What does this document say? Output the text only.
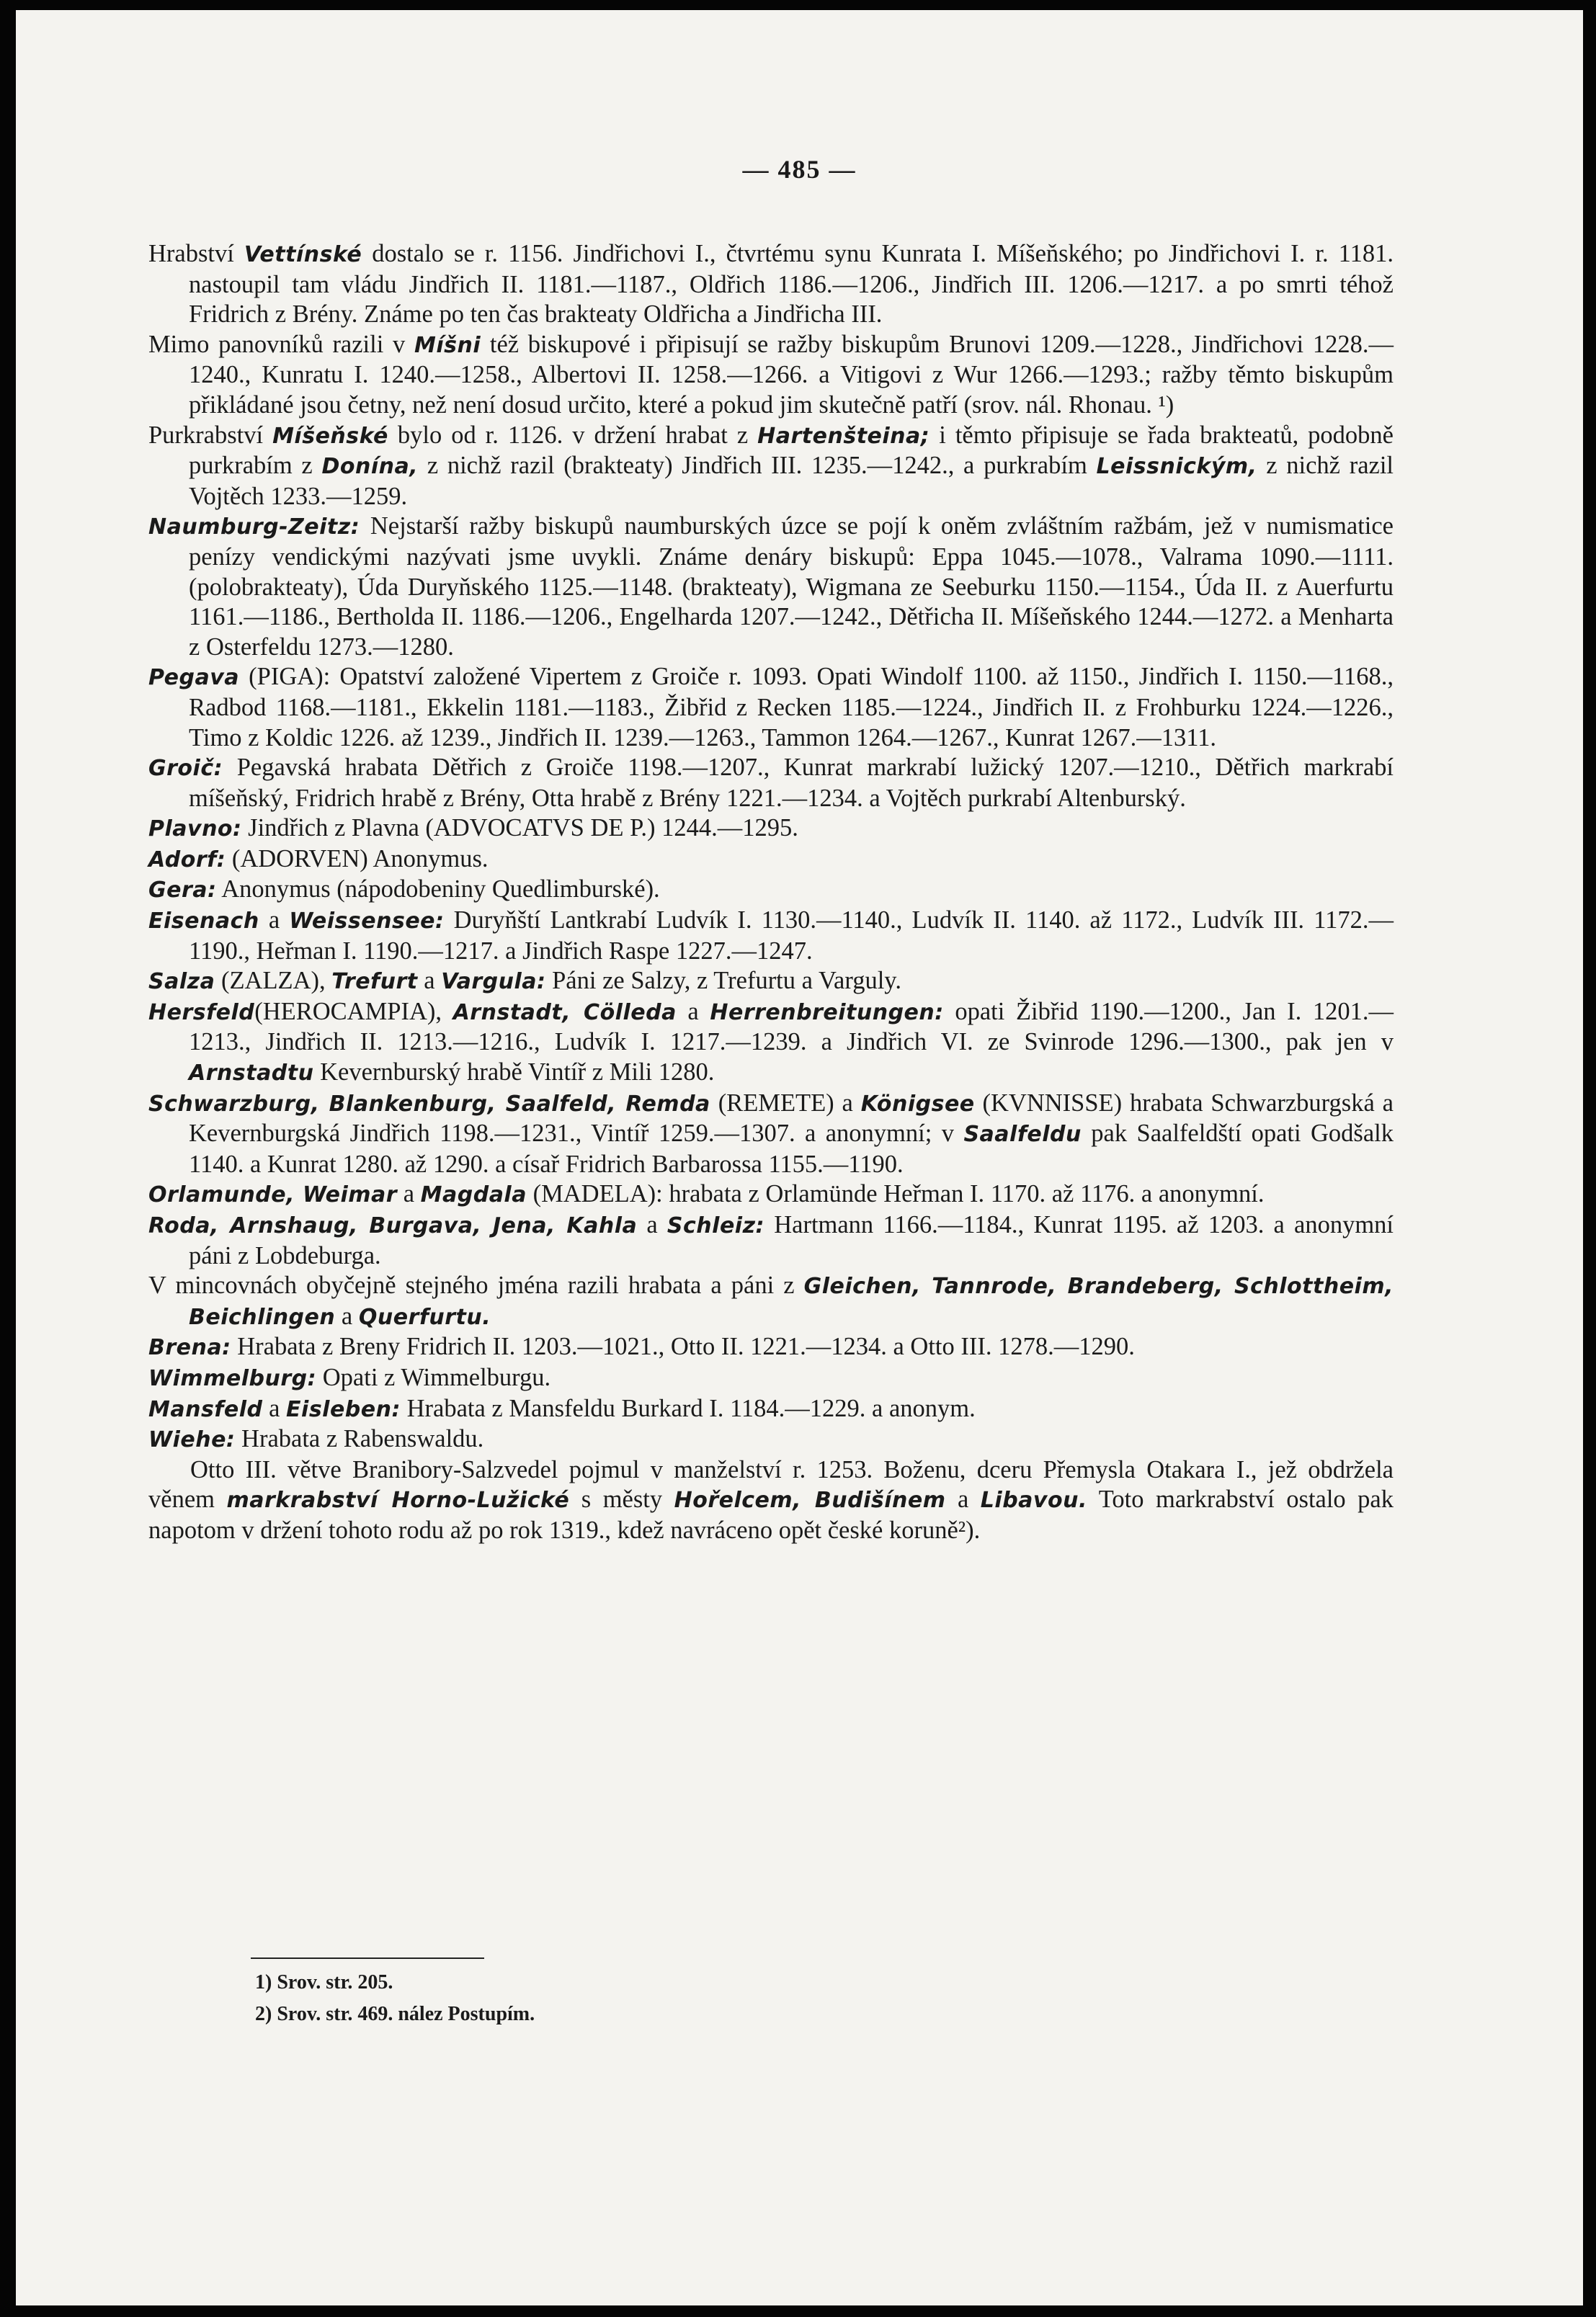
— 485 —

Hrabství Vettínské dostalo se r. 1156. Jindřichovi I., čtvrtému synu Kunrata I. Míšeňského; po Jindřichovi I. r. 1181. nastoupil tam vládu Jindřich II. 1181.—1187., Oldřich 1186.—1206., Jindřich III. 1206.—1217. a po smrti téhož Fridrich z Brény. Známe po ten čas brakteaty Oldřicha a Jindřicha III.

Mimo panovníků razili v Míšni též biskupové i připisují se ražby biskupům Brunovi 1209.—1228., Jindřichovi 1228.—1240., Kunratu I. 1240.—1258., Albertovi II. 1258.—1266. a Vitigovi z Wur 1266.—1293.; ražby těmto biskupům přikládané jsou četny, než není dosud určito, které a pokud jim skutečně patří (srov. nál. Rhonau. ¹)

Purkrabství Míšeňské bylo od r. 1126. v držení hrabat z Hartenšteina; i těmto připisuje se řada brakteatů, podobně purkrabím z Donína, z nichž razil (brakteaty) Jindřich III. 1235.—1242., a purkrabím Leissnickým, z nichž razil Vojtěch 1233.—1259.

Naumburg-Zeitz: Nejstarší ražby biskupů naumburských úzce se pojí k oněm zvláštním ražbám, jež v numismatice penízy vendickými nazývati jsme uvykli. Známe denáry biskupů: Eppa 1045.—1078., Valrama 1090.—1111. (polobrakteaty), Úda Duryňského 1125.—1148. (brakteaty), Wigmana ze Seeburku 1150.—1154., Úda II. z Auerfurtu 1161.—1186., Bertholda II. 1186.—1206., Engelharda 1207.—1242., Dětřicha II. Míšeňského 1244.—1272. a Menharta z Osterfeldu 1273.—1280.

Pegava (PIGA): Opatství založené Vipertem z Groiče r. 1093. Opati Windolf 1100. až 1150., Jindřich I. 1150.—1168., Radbod 1168.—1181., Ekkelin 1181.—1183., Žibřid z Recken 1185.—1224., Jindřich II. z Frohburku 1224.—1226., Timo z Koldic 1226. až 1239., Jindřich II. 1239.—1263., Tammon 1264.—1267., Kunrat 1267.—1311.

Groič: Pegavská hrabata Dětřich z Groiče 1198.—1207., Kunrat markrabí lužický 1207.—1210., Dětřich markrabí míšeňský, Fridrich hrabě z Brény, Otta hrabě z Brény 1221.—1234. a Vojtěch purkrabí Altenburský.

Plavno: Jindřich z Plavna (ADVOCATVS DE P.) 1244.—1295.

Adorf: (ADORVEN) Anonymus.

Gera: Anonymus (nápodobeniny Quedlimburské).

Eisenach a Weissensee: Duryňští Lantkrabí Ludvík I. 1130.—1140., Ludvík II. 1140. až 1172., Ludvík III. 1172.—1190., Heřman I. 1190.—1217. a Jindřich Raspe 1227.—1247.

Salza (ZALZA), Trefurt a Vargula: Páni ze Salzy, z Trefurtu a Varguly.

Hersfeld(HEROCAMPIA), Arnstadt, Cölleda a Herrenbreitungen: opati Žibřid 1190.—1200., Jan I. 1201.—1213., Jindřich II. 1213.—1216., Ludvík I. 1217.—1239. a Jindřich VI. ze Svinrode 1296.—1300., pak jen v Arnstadtu Kevernburský hrabě Vintíř z Mili 1280.

Schwarzburg, Blankenburg, Saalfeld, Remda (REMETE) a Königsee (KVNNISSE) hrabata Schwarzburgská a Kevernburgská Jindřich 1198.—1231., Vintíř 1259.—1307. a anonymní; v Saalfeldu pak Saalfeldští opati Godšalk 1140. a Kunrat 1280. až 1290. a císař Fridrich Barbarossa 1155.—1190.

Orlamunde, Weimar a Magdala (MADELA): hrabata z Orlamünde Heřman I. 1170. až 1176. a anonymní.

Roda, Arnshaug, Burgava, Jena, Kahla a Schleiz: Hartmann 1166.—1184., Kunrat 1195. až 1203. a anonymní páni z Lobdeburga.

V mincovnách obyčejně stejného jména razili hrabata a páni z Gleichen, Tannrode, Brandeberg, Schlottheim, Beichlingen a Querfurtu.

Brena: Hrabata z Breny Fridrich II. 1203.—1021., Otto II. 1221.—1234. a Otto III. 1278.—1290.

Wimmelburg: Opati z Wimmelburgu.

Mansfeld a Eisleben: Hrabata z Mansfeldu Burkard I. 1184.—1229. a anonym.

Wiehe: Hrabata z Rabenswaldu.

Otto III. větve Branibory-Salzvedel pojmul v manželství r. 1253. Boženu, dceru Přemysla Otakara I., jež obdržela věnem markrabství Horno-Lužické s městy Hořelcem, Budišínem a Libavou. Toto markrabství ostalo pak napotom v držení tohoto rodu až po rok 1319., kdež navráceno opět české koruně²).

1) Srov. str. 205.
2) Srov. str. 469. nález Postupím.
